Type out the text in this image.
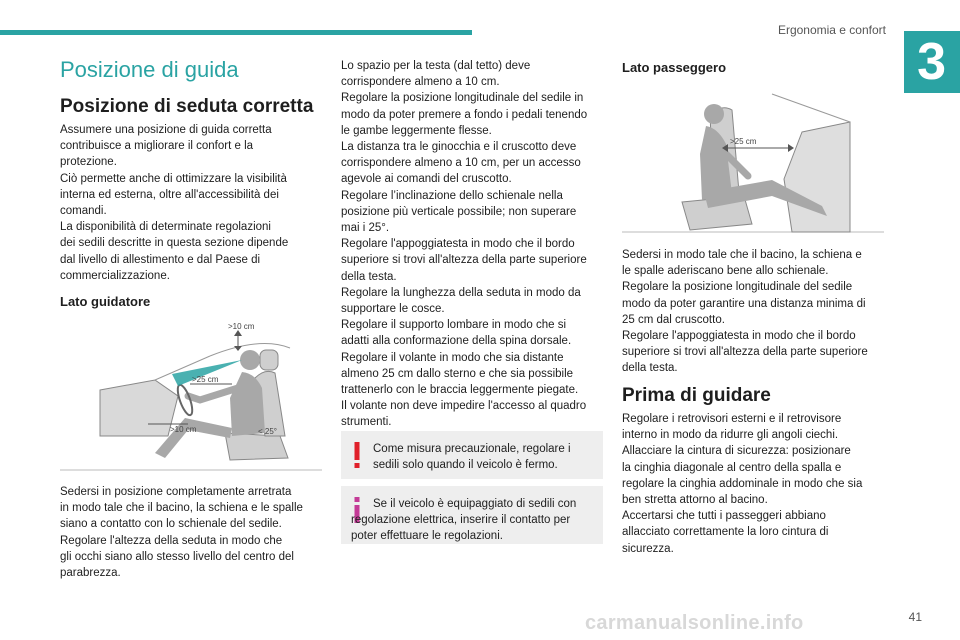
Ergonomia e confort
3
Posizione di guida
Posizione di seduta corretta

Assumere una posizione di guida corretta
contribuisce a migliorare il confort e la
protezione.
Ciò permette anche di ottimizzare la visibilità
interna ed esterna, oltre all'accessibilità dei
comandi.
La disponibilità di determinate regolazioni
dei sedili descritte in questa sezione dipende
dal livello di allestimento e dal Paese di
commercializzazione.

Lato guidatore
>10 cm
>25 cm
>10 cm	< 25°

Sedersi in posizione completamente arretrata
in modo tale che il bacino, la schiena e le spalle
siano a contatto con lo schienale del sedile.
Regolare l'altezza della seduta in modo che
gli occhi siano allo stesso livello del centro del
parabrezza.

Lo spazio per la testa (dal tetto) deve
corrispondere almeno a 10 cm.
Regolare la posizione longitudinale del sedile in
modo da poter premere a fondo i pedali tenendo
le gambe leggermente flesse.
La distanza tra le ginocchia e il cruscotto deve
corrispondere almeno a 10 cm, per un accesso
agevole ai comandi del cruscotto.
Regolare l’inclinazione dello schienale nella
posizione più verticale possibile; non superare
mai i 25°.
Regolare l'appoggiatesta in modo che il bordo
superiore si trovi all'altezza della parte superiore
della testa.
Regolare la lunghezza della seduta in modo da
supportare le cosce.
Regolare il supporto lombare in modo che si
adatti alla conformazione della spina dorsale.
Regolare il volante in modo che sia distante
almeno 25 cm dallo sterno e che sia possibile
trattenerlo con le braccia leggermente piegate.
Il volante non deve impedire l'accesso al quadro
strumenti.

Come misura precauzionale, regolare i
sedili solo quando il veicolo è fermo.
Se il veicolo è equipaggiato di sedili con regolazione elettrica, inserire il contatto per poter effettuare le regolazioni.
Lato passeggero
>25 cm

Sedersi in modo tale che il bacino, la schiena e
le spalle aderiscano bene allo schienale.
Regolare la posizione longitudinale del sedile
modo da poter garantire una distanza minima di
25 cm dal cruscotto.
Regolare l'appoggiatesta in modo che il bordo
superiore si trovi all'altezza della parte superiore
della testa.

Prima di guidare

Regolare i retrovisori esterni e il retrovisore
interno in modo da ridurre gli angoli ciechi.
Allacciare la cintura di sicurezza: posizionare
la cinghia diagonale al centro della spalla e
regolare la cinghia addominale in modo che sia
ben stretta attorno al bacino.
Accertarsi che tutti i passeggeri abbiano
allacciato correttamente la loro cintura di
sicurezza.

carmanualsonline.info	41
